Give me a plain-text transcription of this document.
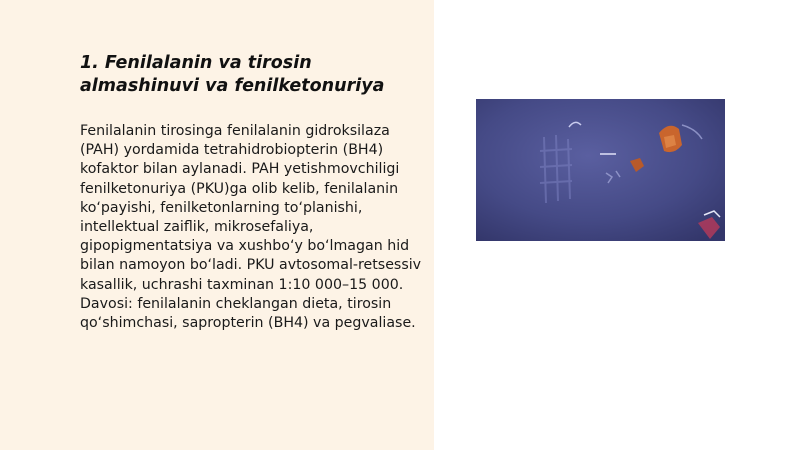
1. Fenilalanin va tirosin almashinuvi va fenilketonuriya

Fenilalanin tirosinga fenilalanin gidroksilaza (PAH) yordamida tetrahidrobiopterin (BH4) kofaktor bilan aylanadi. PAH yetishmovchiligi fenilketonuriya (PKU)ga olib kelib, fenilalanin ko‘payishi, fenilketonlarning to‘planishi, intellektual zaiflik, mikrosefaliya, gipopigmentatsiya va xushbo‘y bo‘lmagan hid bilan namoyon bo‘ladi. PKU avtosomal-retsessiv kasallik, uchrashi taxminan 1:10 000–15 000. Davosi: fenilalanin cheklangan dieta, tirosin qo‘shimchasi, sapropterin (BH4) va pegvaliase.
